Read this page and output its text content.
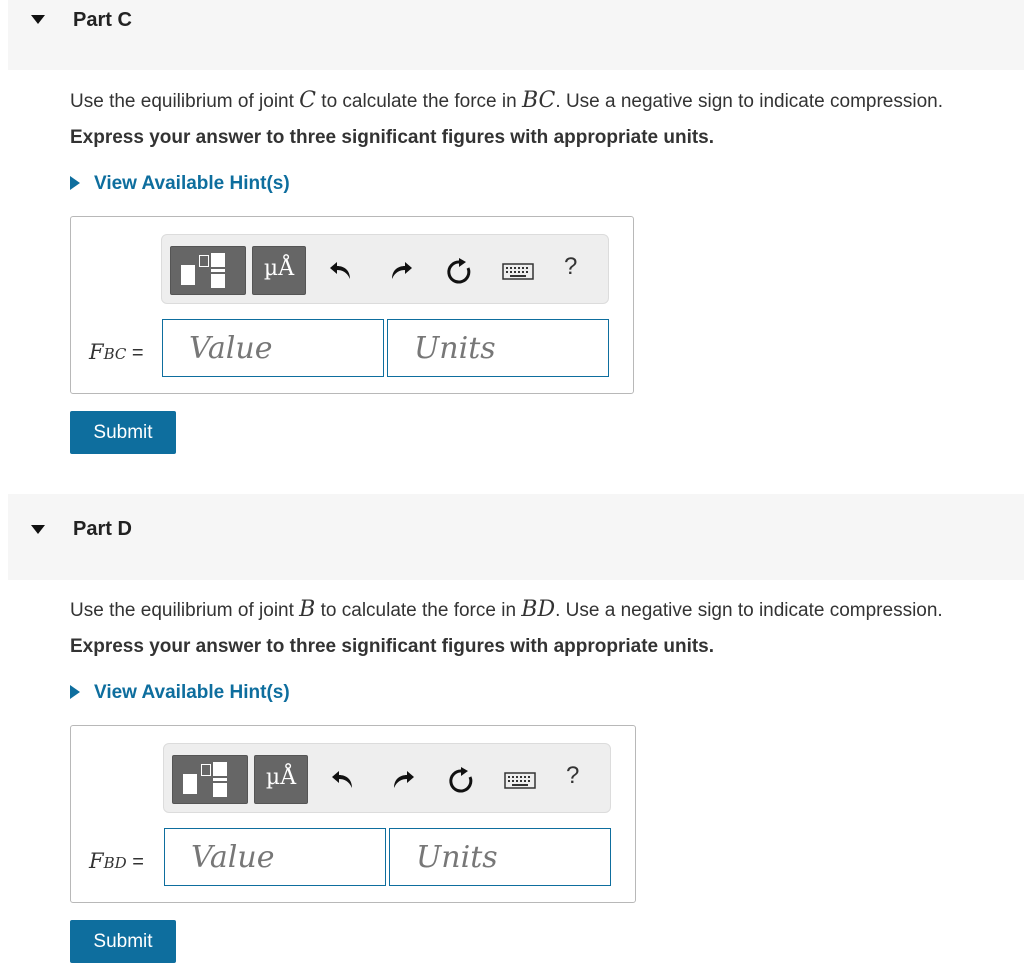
Part C
Use the equilibrium of joint C to calculate the force in BC. Use a negative sign to indicate compression.
Express your answer to three significant figures with appropriate units.
View Available Hint(s)
µÅ	?
FBC =
Value
Units
Submit
Part D
Use the equilibrium of joint B to calculate the force in BD. Use a negative sign to indicate compression.
Express your answer to three significant figures with appropriate units.
View Available Hint(s)
µÅ	?
FBD =
Value
Units
Submit
